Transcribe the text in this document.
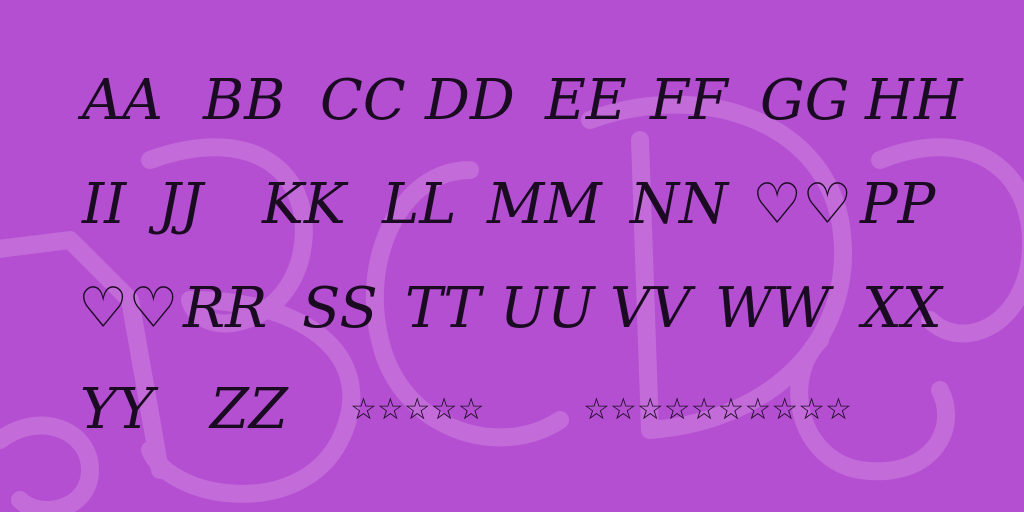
AA BB CC DD EE FF GG HH
II JJ KK LL MM NN ♡♡ PP
♡♡ RR SS TT UU VV WW XX
YY ZZ ☆☆☆☆☆	☆☆☆☆☆☆☆☆☆☆
